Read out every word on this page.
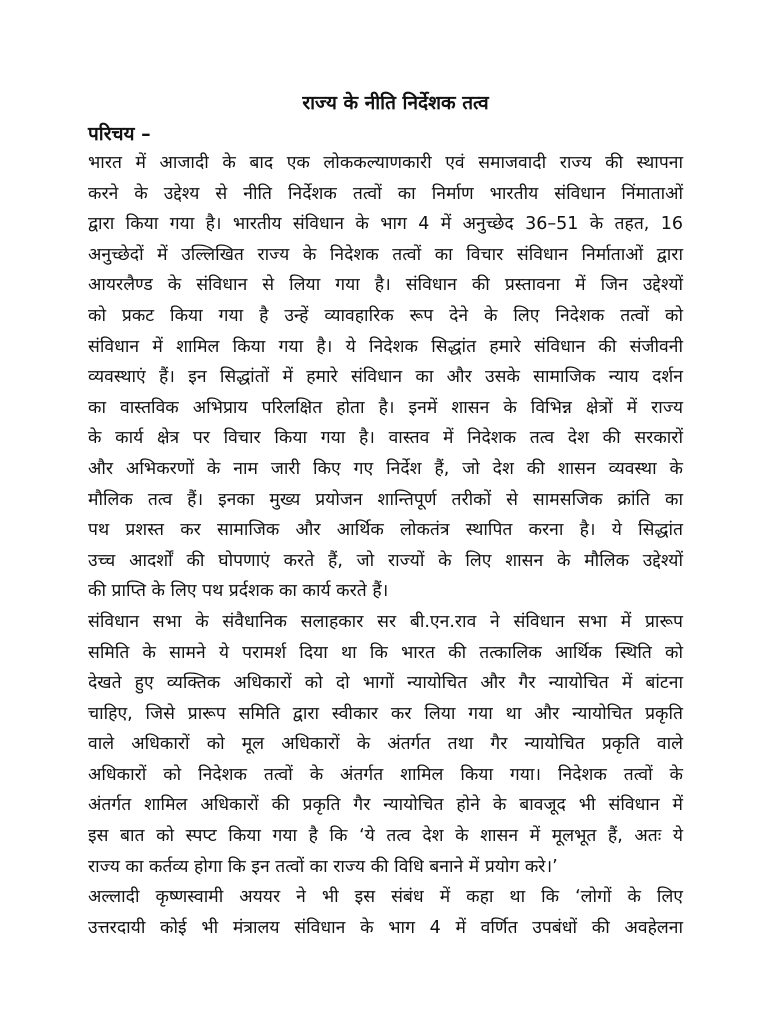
राज्य के नीति निर्देशक तत्व
परिचय –
भारत में आजादी के बाद एक लोककल्याणकारी एवं समाजवादी राज्य की स्थापना
करने के उद्देश्य से नीति निर्देशक तत्वों का निर्माण भारतीय संविधान निंमाताओं
द्वारा किया गया है। भारतीय संविधान के भाग 4 में अनुच्छेद 36–51 के तहत, 16
अनुच्छेदों में उल्लिखित राज्य के निदेशक तत्वों का विचार संविधान निर्माताओं द्वारा
आयरलैण्ड के संविधान से लिया गया है। संविधान की प्रस्तावना में जिन उद्देश्यों
को प्रकट किया गया है उन्हें व्यावहारिक रूप देने के लिए निदेशक तत्वों को
संविधान में शामिल किया गया है। ये निदेशक सिद्धांत हमारे संविधान की संजीवनी
व्यवस्थाएं हैं। इन सिद्धांतों में हमारे संविधान का और उसके सामाजिक न्याय दर्शन
का वास्तविक अभिप्राय परिलक्षित होता है। इनमें शासन के विभिन्न क्षेत्रों में राज्य
के कार्य क्षेत्र पर विचार किया गया है। वास्तव में निदेशक तत्व देश की सरकारों
और अभिकरणों के नाम जारी किए गए निर्देश हैं, जो देश की शासन व्यवस्था के
मौलिक तत्व हैं। इनका मुख्य प्रयोजन शान्तिपूर्ण तरीकों से सामसजिक क्रांति का
पथ प्रशस्त कर सामाजिक और आर्थिक लोकतंत्र स्थापित करना है। ये सिद्धांत
उच्च आदर्शों की घोपणाएं करते हैं, जो राज्यों के लिए शासन के मौलिक उद्देश्यों
की प्राप्ति के लिए पथ प्रर्दशक का कार्य करते हैं।
संविधान सभा के संवैधानिक सलाहकार सर बी.एन.राव ने संविधान सभा में प्रारूप
समिति के सामने ये परामर्श दिया था कि भारत की तत्कालिक आर्थिक स्थिति को
देखते हुए व्यक्तिक अधिकारों को दो भागों न्यायोचित और गैर न्यायोचित में बांटना
चाहिए, जिसे प्रारूप समिति द्वारा स्वीकार कर लिया गया था और न्यायोचित प्रकृति
वाले अधिकारों को मूल अधिकारों के अंतर्गत तथा गैर न्यायोचित प्रकृति वाले
अधिकारों को निदेशक तत्वों के अंतर्गत शामिल किया गया। निदेशक तत्वों के
अंतर्गत शामिल अधिकारों की प्रकृति गैर न्यायोचित होने के बावजूद भी संविधान में
इस बात को स्पप्ट किया गया है कि ‘ये तत्व देश के शासन में मूलभूत हैं, अतः ये
राज्य का कर्तव्य होगा कि इन तत्वों का राज्य की विधि बनाने में प्रयोग करे।’
अल्लादी कृष्णस्वामी अययर ने भी इस संबंध में कहा था कि ‘लोगों के लिए
उत्तरदायी कोई भी मंत्रालय संविधान के भाग 4 में वर्णित उपबंधों की अवहेलना
